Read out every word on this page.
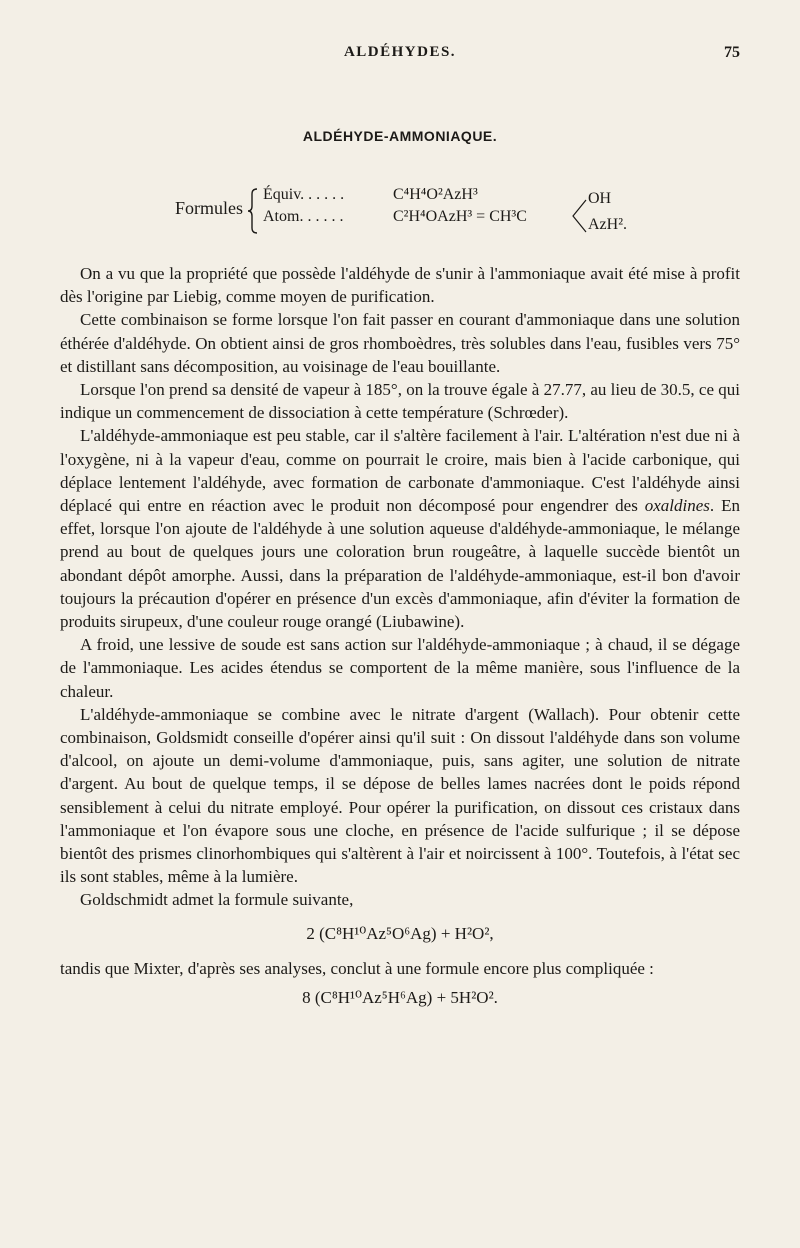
ALDÉHYDES.	75
ALDÉHYDE-AMMONIAQUE.
Formules
Équiv. . . . . .	C⁴H⁴O²AzH³
Atom. . . . . .	C²H⁴OAzH³ = CH³C
OH
AzH².

On a vu que la propriété que possède l'aldéhyde de s'unir à l'ammoniaque avait été mise à profit dès l'origine par Liebig, comme moyen de purification.

Cette combinaison se forme lorsque l'on fait passer en courant d'ammoniaque dans une solution éthérée d'aldéhyde. On obtient ainsi de gros rhomboèdres, très solubles dans l'eau, fusibles vers 75° et distillant sans décomposition, au voisinage de l'eau bouillante.

Lorsque l'on prend sa densité de vapeur à 185°, on la trouve égale à 27.77, au lieu de 30.5, ce qui indique un commencement de dissociation à cette température (Schrœder).

L'aldéhyde-ammoniaque est peu stable, car il s'altère facilement à l'air. L'altération n'est due ni à l'oxygène, ni à la vapeur d'eau, comme on pourrait le croire, mais bien à l'acide carbonique, qui déplace lentement l'aldéhyde, avec formation de carbonate d'ammoniaque. C'est l'aldéhyde ainsi déplacé qui entre en réaction avec le produit non décomposé pour engendrer des oxaldines. En effet, lorsque l'on ajoute de l'aldéhyde à une solution aqueuse d'aldéhyde-ammoniaque, le mélange prend au bout de quelques jours une coloration brun rougeâtre, à laquelle succède bientôt un abondant dépôt amorphe. Aussi, dans la préparation de l'aldéhyde-ammoniaque, est-il bon d'avoir toujours la précaution d'opérer en présence d'un excès d'ammoniaque, afin d'éviter la formation de produits sirupeux, d'une couleur rouge orangé (Liubawine).

A froid, une lessive de soude est sans action sur l'aldéhyde-ammoniaque ; à chaud, il se dégage de l'ammoniaque. Les acides étendus se comportent de la même manière, sous l'influence de la chaleur.

L'aldéhyde-ammoniaque se combine avec le nitrate d'argent (Wallach). Pour obtenir cette combinaison, Goldsmidt conseille d'opérer ainsi qu'il suit : On dissout l'aldéhyde dans son volume d'alcool, on ajoute un demi-volume d'ammoniaque, puis, sans agiter, une solution de nitrate d'argent. Au bout de quelque temps, il se dépose de belles lames nacrées dont le poids répond sensiblement à celui du nitrate employé. Pour opérer la purification, on dissout ces cristaux dans l'ammoniaque et l'on évapore sous une cloche, en présence de l'acide sulfurique ; il se dépose bientôt des prismes clinorhombiques qui s'altèrent à l'air et noircissent à 100°. Toutefois, à l'état sec ils sont stables, même à la lumière.

Goldschmidt admet la formule suivante,

2 (C⁸H¹⁰Az⁵O⁶Ag) + H²O²,

tandis que Mixter, d'après ses analyses, conclut à une formule encore plus compliquée :

8 (C⁸H¹⁰Az⁵H⁶Ag) + 5H²O².
